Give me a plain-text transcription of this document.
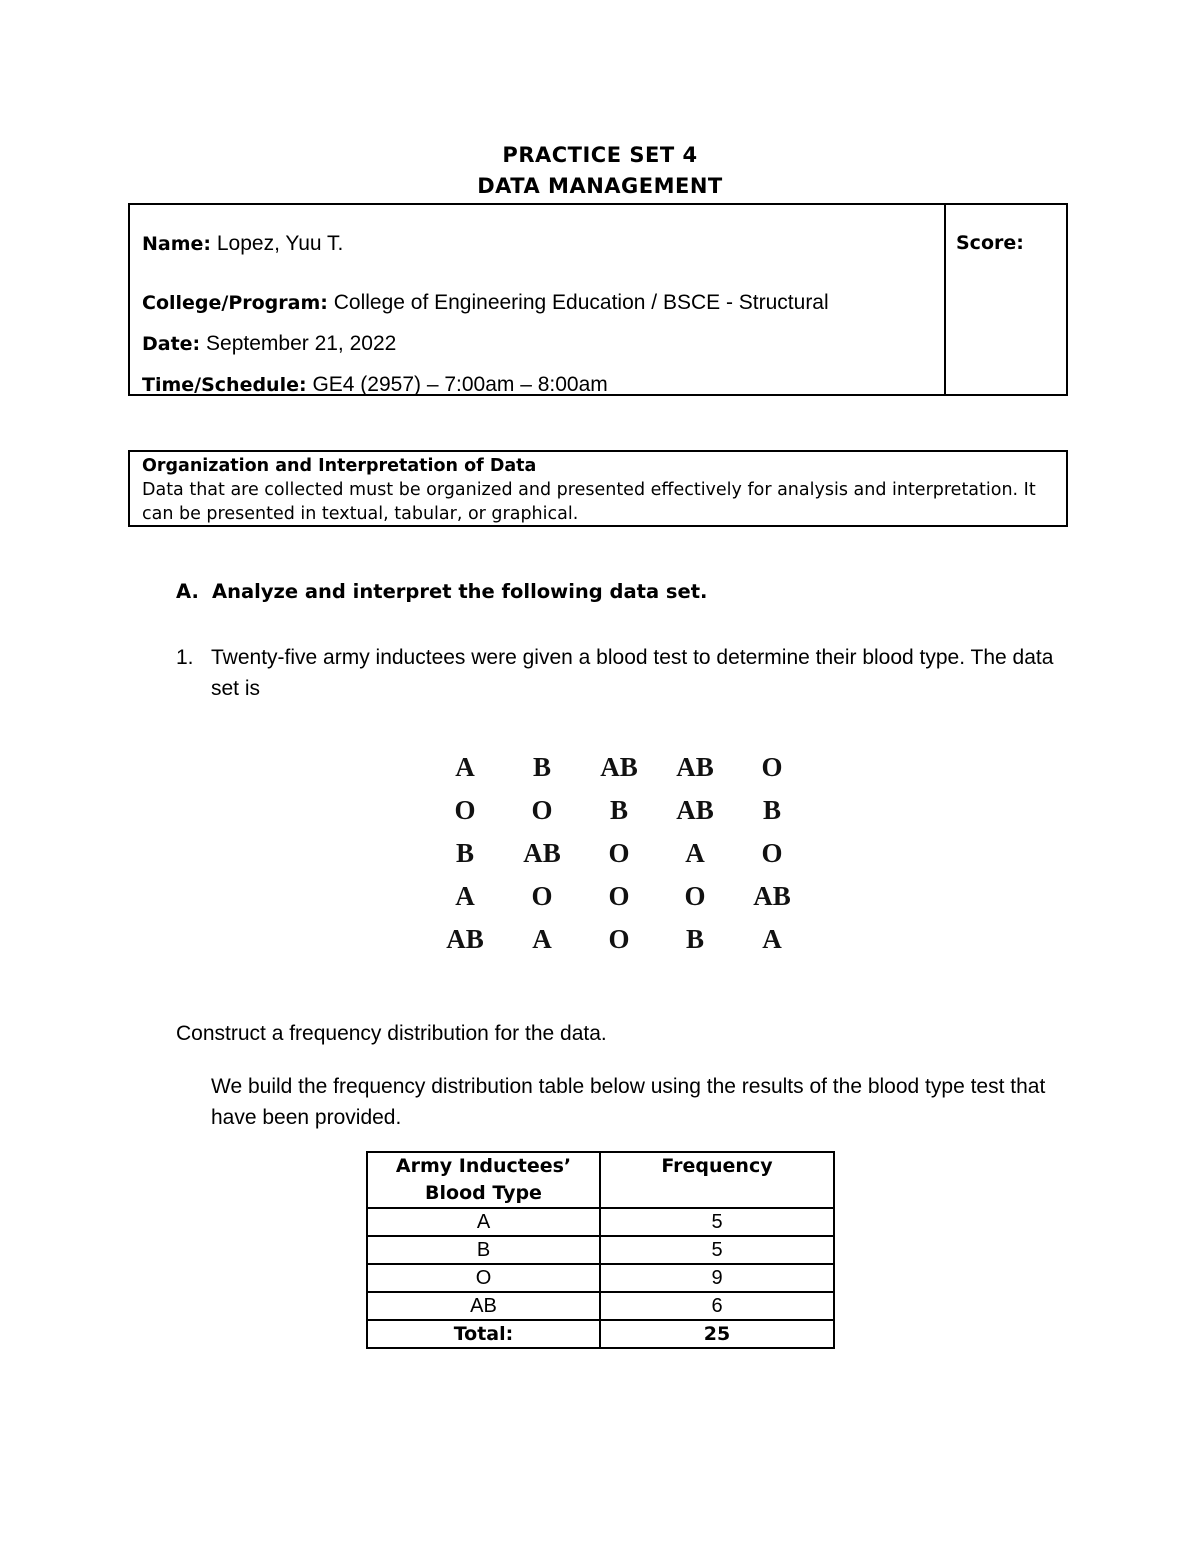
PRACTICE SET 4
DATA MANAGEMENT
Name: Lopez, Yuu T.
College/Program: College of Engineering Education / BSCE - Structural
Date: September 21, 2022
Time/Schedule: GE4 (2957) – 7:00am – 8:00am
Score:
Organization and Interpretation of Data
Data that are collected must be organized and presented effectively for analysis and interpretation. It can be presented in textual, tabular, or graphical.
A. Analyze and interpret the following data set.
1. Twenty-five army inductees were given a blood test to determine their blood type. The data set is
A	B	AB	AB	O
O	O	B	AB	B
B	AB	O	A	O
A	O	O	O	AB
AB	A	O	B	A
Construct a frequency distribution for the data.
We build the frequency distribution table below using the results of the blood type test that have been provided.
Army Inductees’ Blood Type	Frequency
A	5
B	5
O	9
AB	6
Total:	25
